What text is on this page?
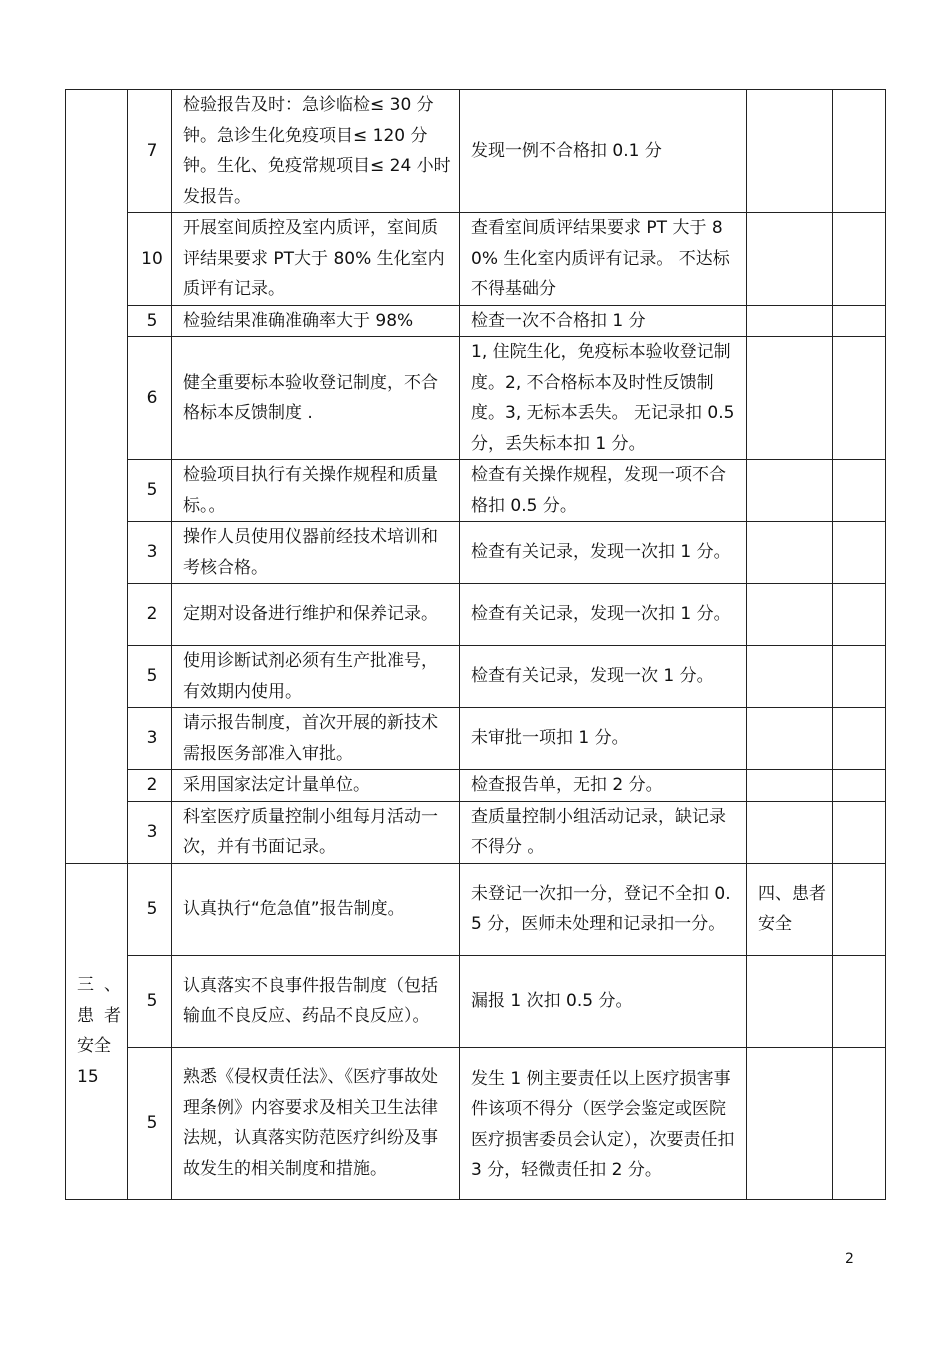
	7	检验报告及时：急诊临检≤ 30 分钟。急诊生化免疫项目≤ 120 分钟。生化、免疫常规项目≤ 24 小时发报告。	发现一例不合格扣 0.1 分		
	10	开展室间质控及室内质评，室间质评结果要求 PT大于 80% 生化室内质评有记录。	查看室间质评结果要求 PT 大于 80% 生化室内质评有记录。 不达标不得基础分		
	5	检验结果准确准确率大于 98%	检查一次不合格扣 1 分		
	6	健全重要标本验收登记制度，不合格标本反馈制度 .	1, 住院生化，免疫标本验收登记制度。2, 不合格标本及时性反馈制度。3, 无标本丢失。 无记录扣 0.5 分，丢失标本扣 1 分。		
	5	检验项目执行有关操作规程和质量标。。	检查有关操作规程，发现一项不合格扣 0.5 分。		
	3	操作人员使用仪器前经技术培训和考核合格。	检查有关记录，发现一次扣 1 分。		
	2	定期对设备进行维护和保养记录。	检查有关记录，发现一次扣 1 分。		
	5	使用诊断试剂必须有生产批准号，有效期内使用。	检查有关记录，发现一次 1 分。		
	3	请示报告制度，首次开展的新技术需报医务部准入审批。	未审批一项扣 1 分。		
	2	采用国家法定计量单位。	检查报告单，无扣 2 分。		
	3	科室医疗质量控制小组每月活动一次，并有书面记录。	查质量控制小组活动记录，缺记录不得分 。		

三、
患者
安全
15	5	认真执行“危急值”报告制度。	未登记一次扣一分，登记不全扣 0.5 分，医师未处理和记录扣一分。	四、患者安全	
	5	认真落实不良事件报告制度（包括输血不良反应、药品不良反应）。	漏报 1 次扣 0.5 分。		
	5	熟悉《侵权责任法》、《医疗事故处理条例》内容要求及相关卫生法律法规，认真落实防范医疗纠纷及事故发生的相关制度和措施。	发生 1 例主要责任以上医疗损害事件该项不得分（医学会鉴定或医院医疗损害委员会认定），次要责任扣 3 分，轻微责任扣 2 分。		
2
